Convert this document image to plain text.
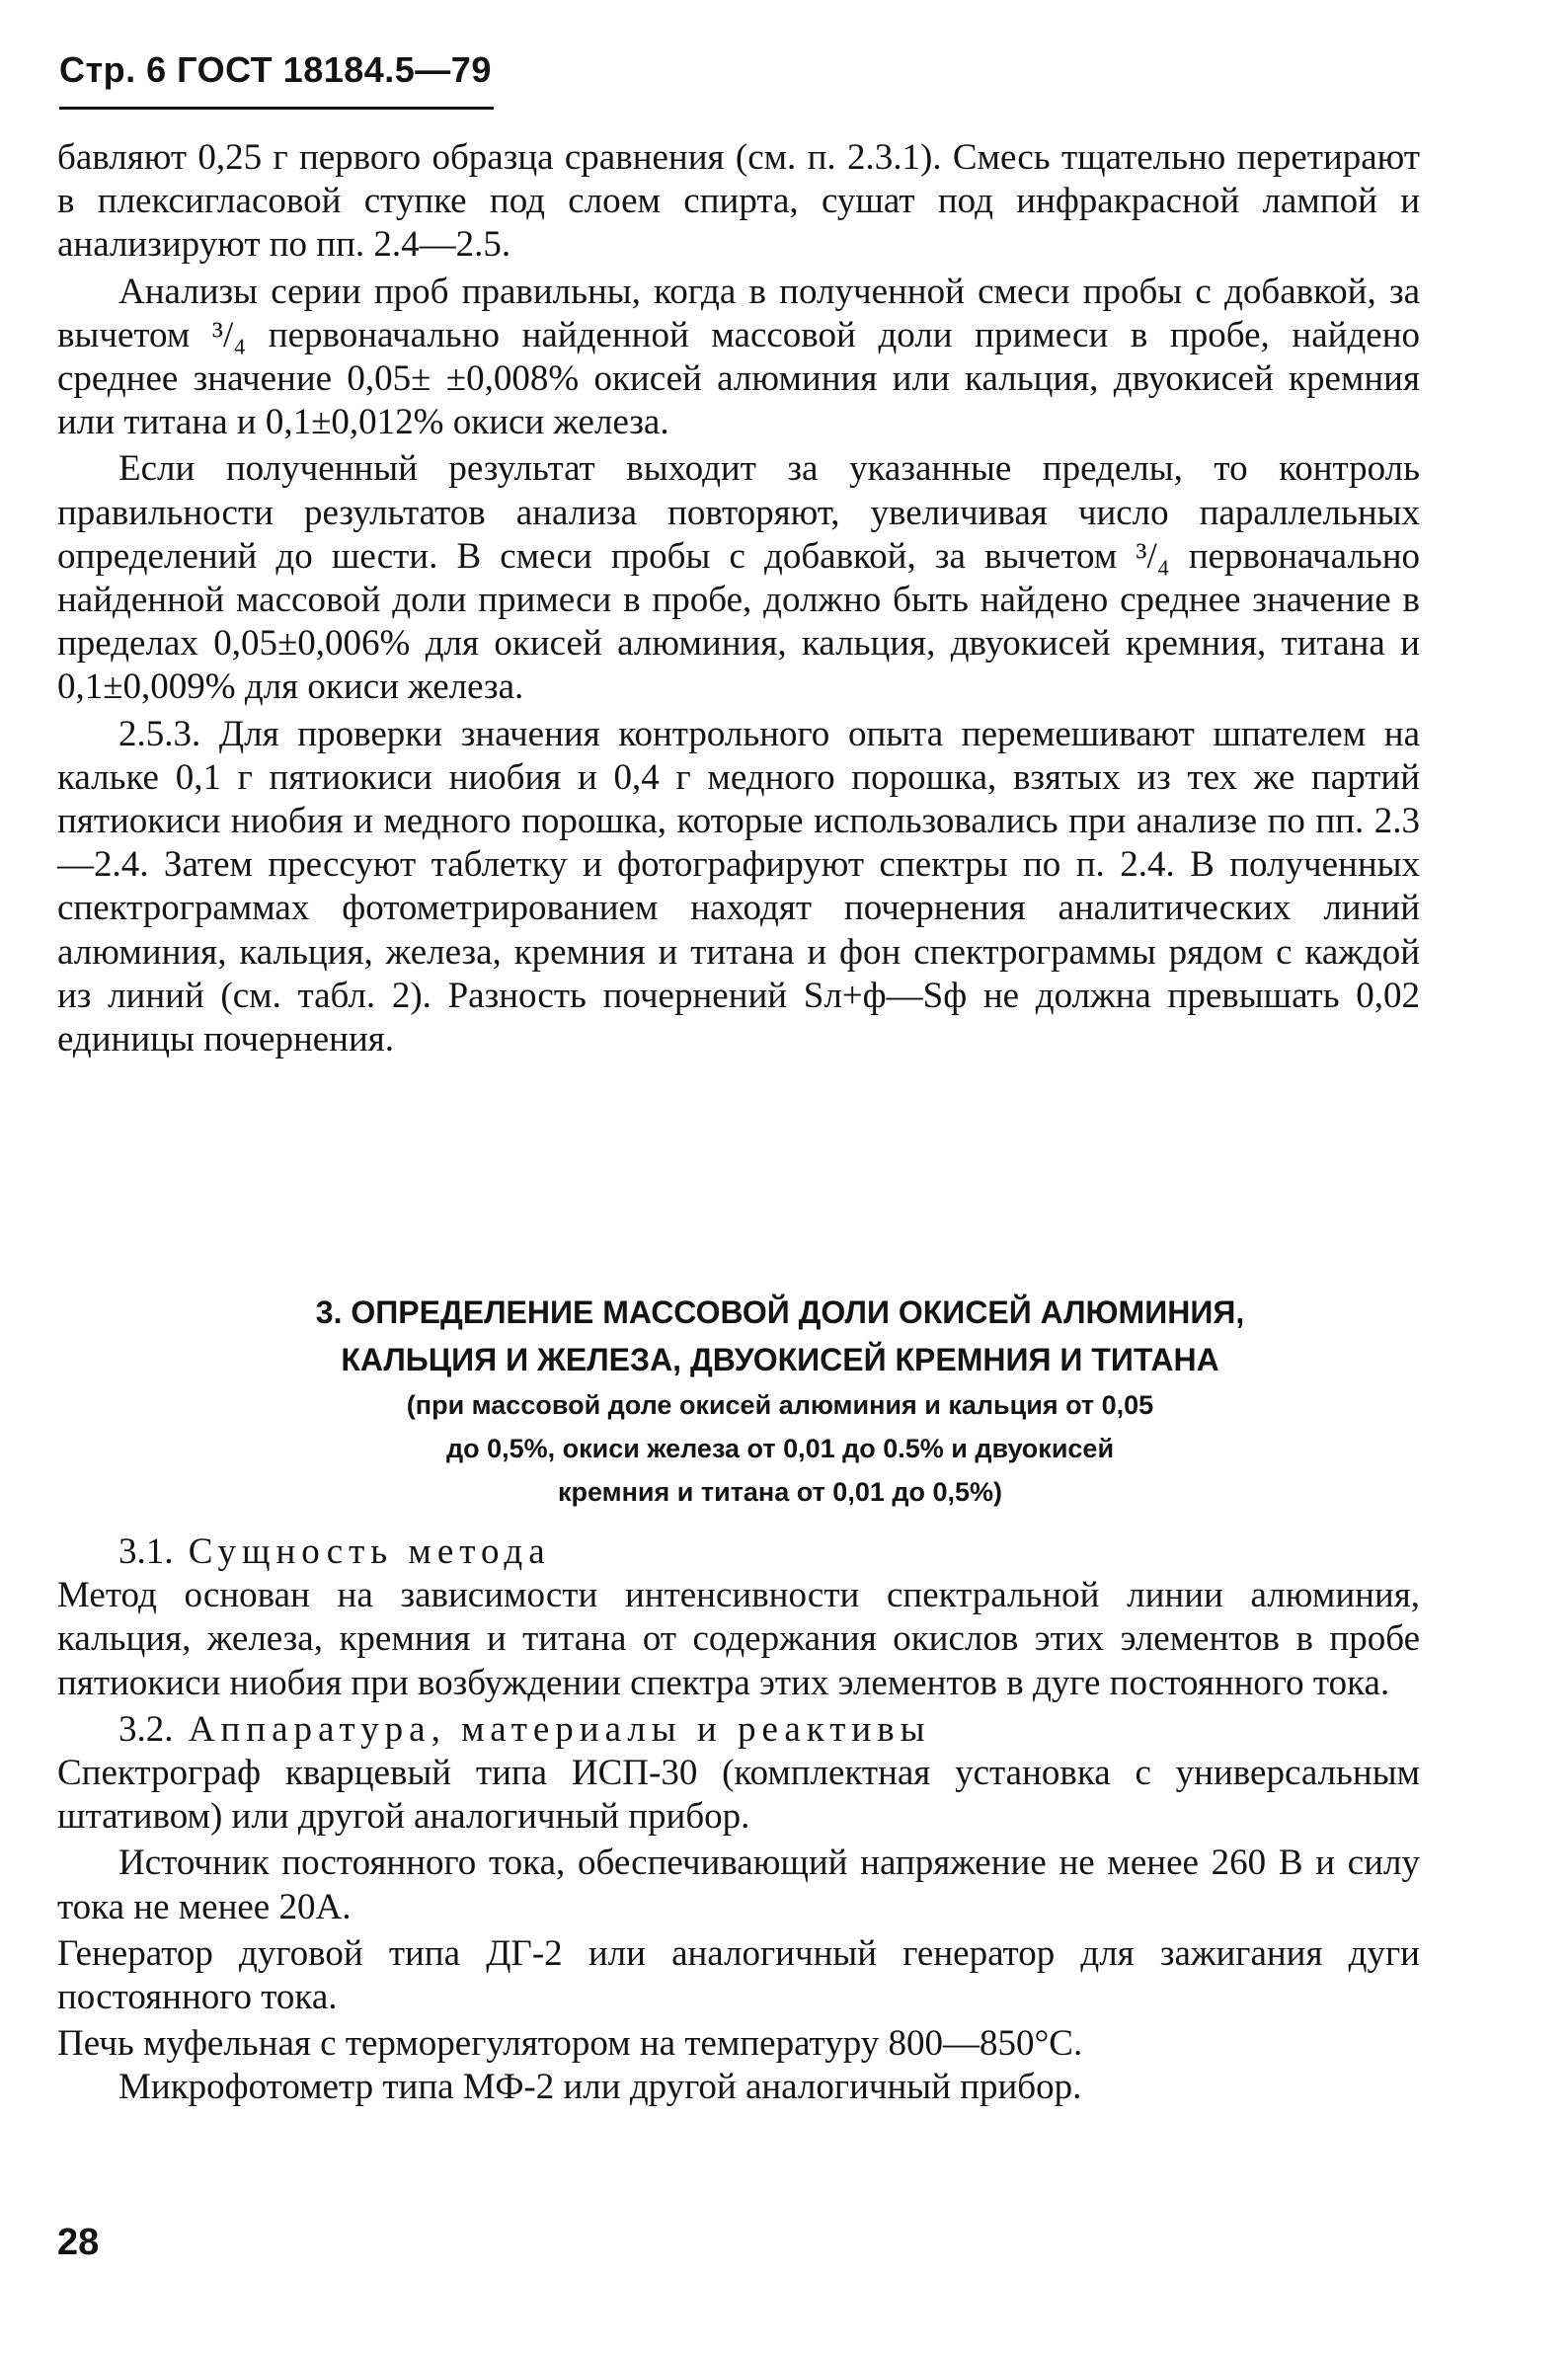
Стр. 6 ГОСТ 18184.5—79

бавляют 0,25 г первого образца сравнения (см. п. 2.3.1). Смесь тщательно перетирают в плексигласовой ступке под слоем спирта, сушат под инфракрасной лампой и анализируют по пп. 2.4—2.5.

Анализы серии проб правильны, когда в полученной смеси пробы с добавкой, за вычетом ³/₄ первоначально найденной массовой доли примеси в пробе, найдено среднее значение 0,05± ±0,008% окисей алюминия или кальция, двуокисей кремния или титана и 0,1±0,012% окиси железа.

Если полученный результат выходит за указанные пределы, то контроль правильности результатов анализа повторяют, увеличивая число параллельных определений до шести. В смеси пробы с добавкой, за вычетом ³/₄ первоначально найденной массовой доли примеси в пробе, должно быть найдено среднее значение в пределах 0,05±0,006% для окисей алюминия, кальция, двуокисей кремния, титана и 0,1±0,009% для окиси железа.

2.5.3. Для проверки значения контрольного опыта перемешивают шпателем на кальке 0,1 г пятиокиси ниобия и 0,4 г медного порошка, взятых из тех же партий пятиокиси ниобия и медного порошка, которые использовались при анализе по пп. 2.3—2.4. Затем прессуют таблетку и фотографируют спектры по п. 2.4. В полученных спектрограммах фотометрированием находят почернения аналитических линий алюминия, кальция, железа, кремния и титана и фон спектрограммы рядом с каждой из линий (см. табл. 2). Разность почернений Sл+ф—Sф не должна превышать 0,02 единицы почернения.

3. ОПРЕДЕЛЕНИЕ МАССОВОЙ ДОЛИ ОКИСЕЙ АЛЮМИНИЯ,
КАЛЬЦИЯ И ЖЕЛЕЗА, ДВУОКИСЕЙ КРЕМНИЯ И ТИТАНА
(при массовой доле окисей алюминия и кальция от 0,05
до 0,5%, окиси железа от 0,01 до 0.5% и двуокисей
кремния и титана от 0,01 до 0,5%)

3.1. Сущность метода

Метод основан на зависимости интенсивности спектральной линии алюминия, кальция, железа, кремния и титана от содержания окислов этих элементов в пробе пятиокиси ниобия при возбуждении спектра этих элементов в дуге постоянного тока.

3.2. Аппаратура, материалы и реактивы

Спектрограф кварцевый типа ИСП-30 (комплектная установка с универсальным штативом) или другой аналогичный прибор.

Источник постоянного тока, обеспечивающий напряжение не менее 260 В и силу тока не менее 20А.

Генератор дуговой типа ДГ-2 или аналогичный генератор для зажигания дуги постоянного тока.

Печь муфельная с терморегулятором на температуру 800—850°С.

Микрофотометр типа МФ-2 или другой аналогичный прибор.

28
